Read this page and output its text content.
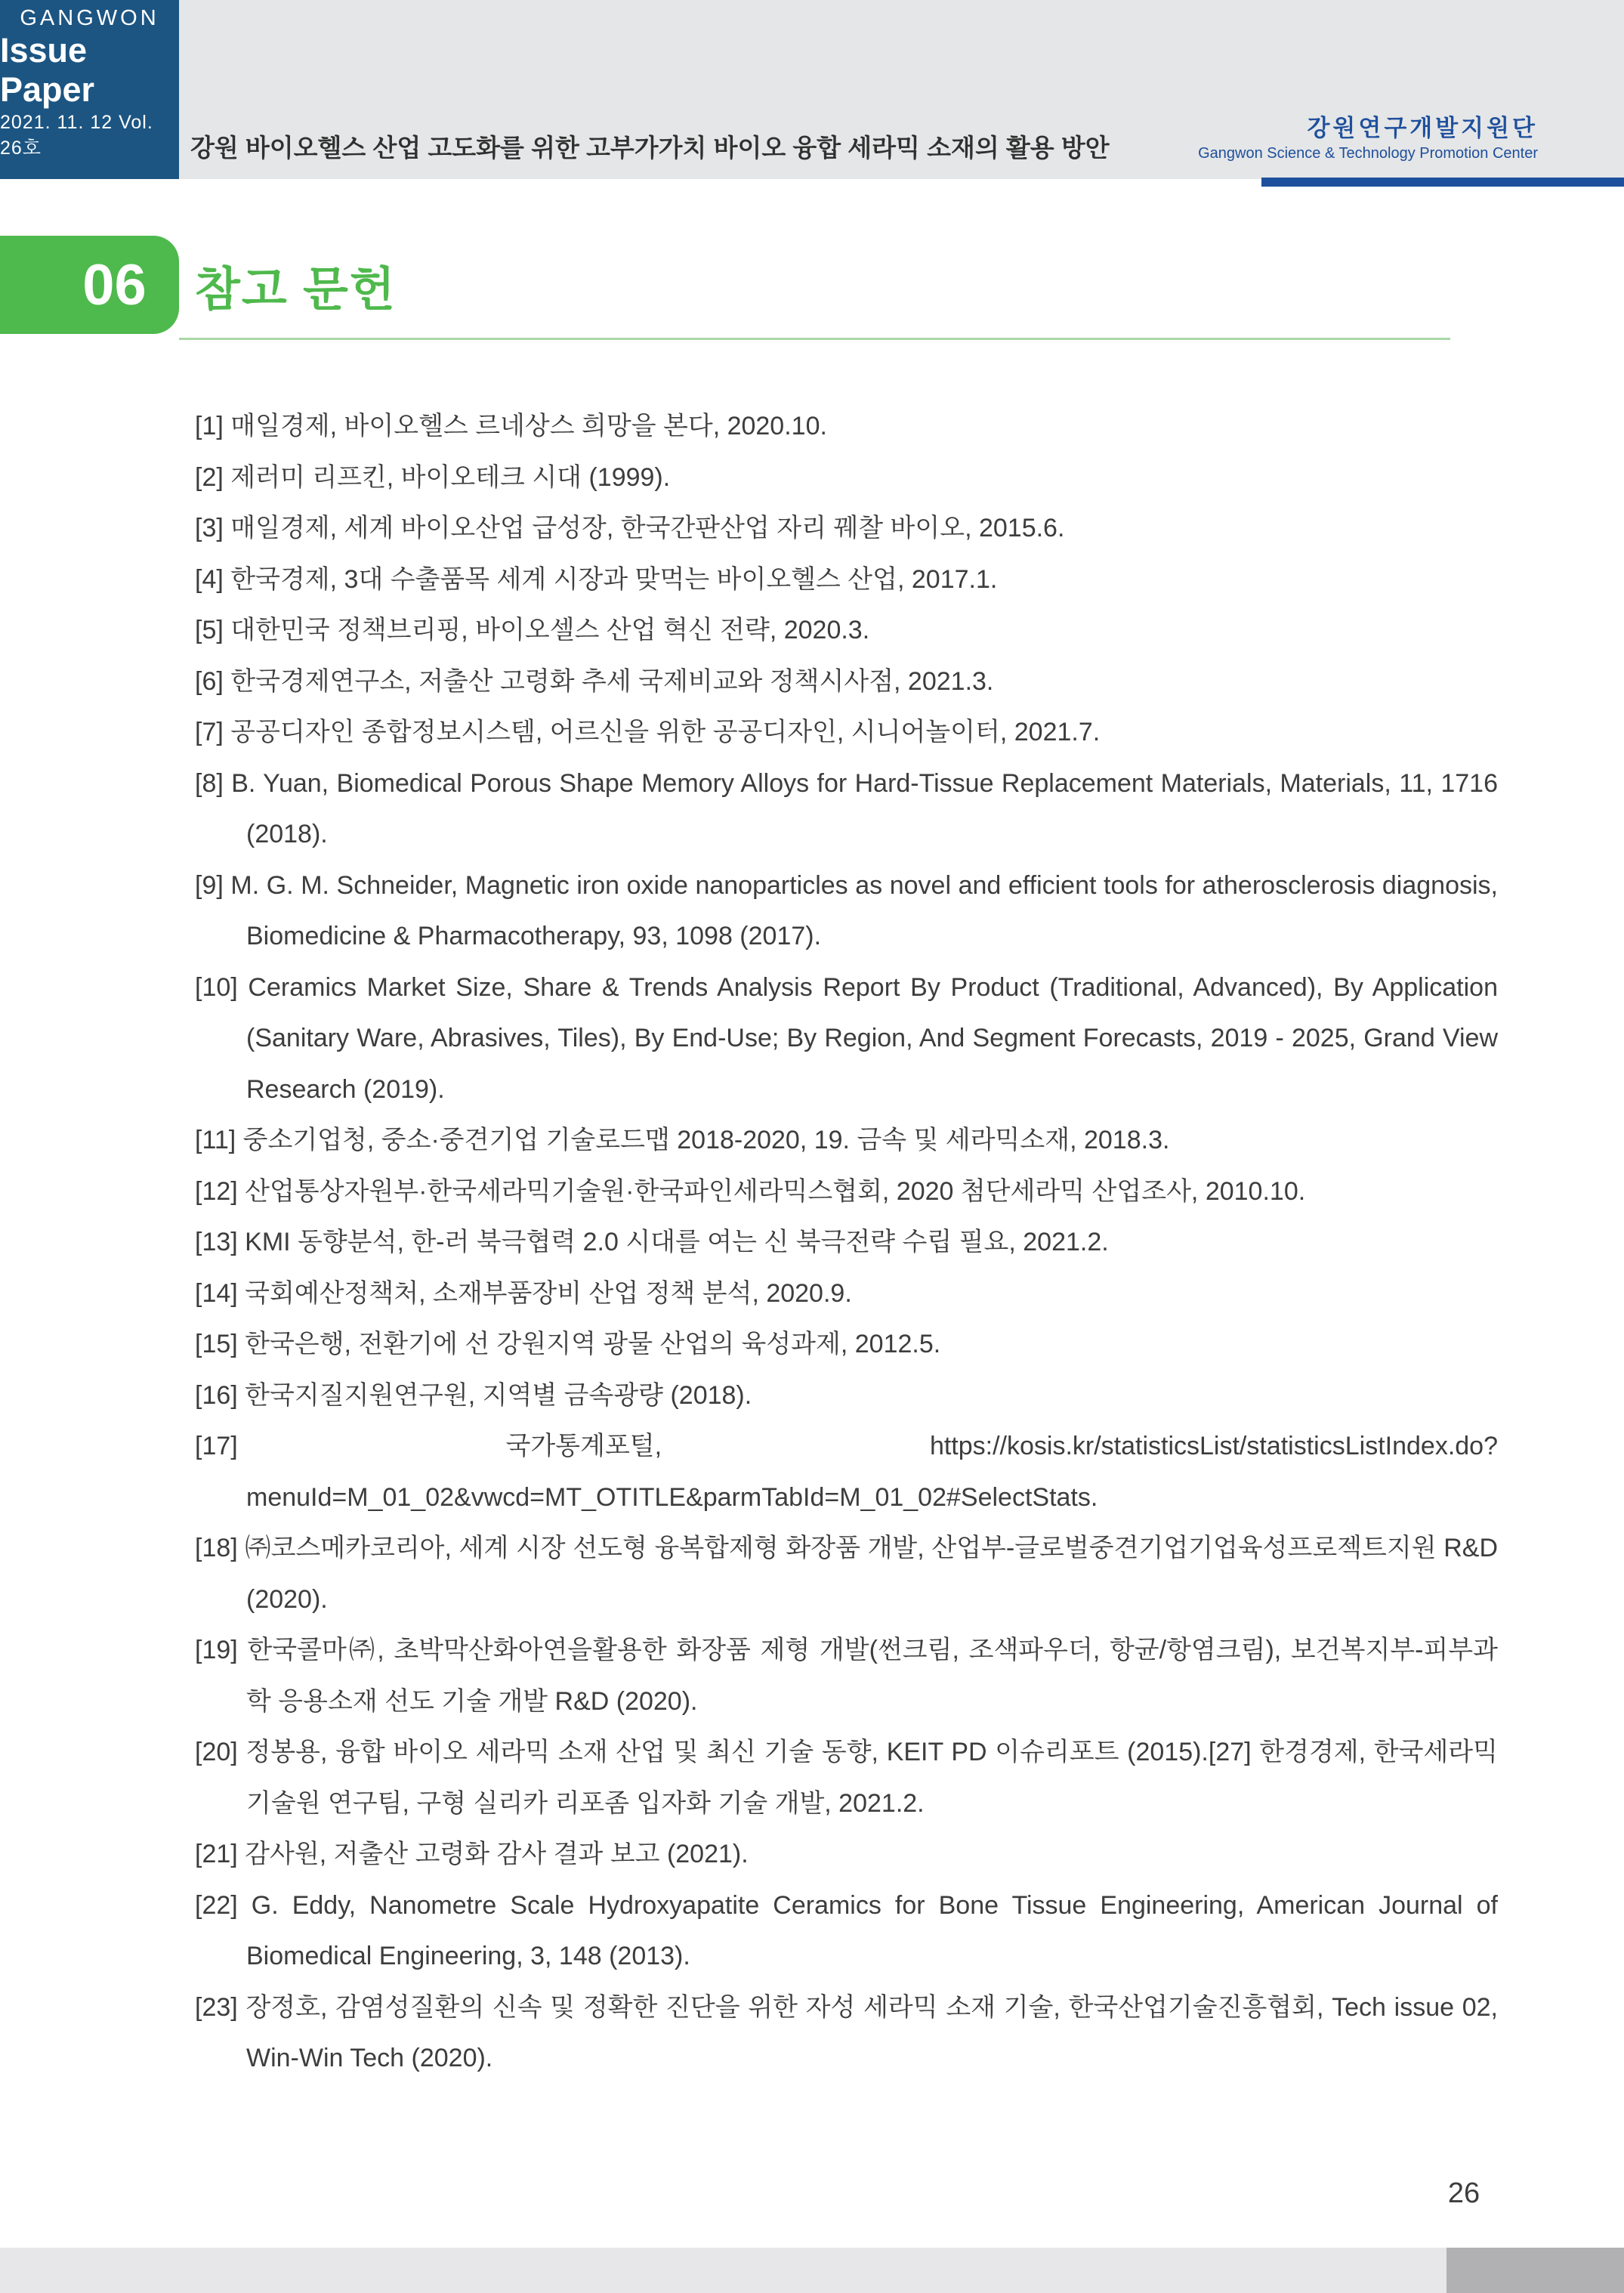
GANGWON
Issue Paper
2021. 11. 12 Vol. 26호	강원 바이오헬스 산업 고도화를 위한 고부가가치 바이오 융합 세라믹 소재의 활용 방안
강원연구개발지원단
Gangwon Science & Technology Promotion Center
06 참고 문헌
[1] 매일경제, 바이오헬스 르네상스 희망을 본다, 2020.10.
[2] 제러미 리프킨, 바이오테크 시대 (1999).
[3] 매일경제, 세계 바이오산업 급성장, 한국간판산업 자리 꿰찰 바이오, 2015.6.
[4] 한국경제, 3대 수출품목 세계 시장과 맞먹는 바이오헬스 산업, 2017.1.
[5] 대한민국 정책브리핑, 바이오셀스 산업 혁신 전략, 2020.3.
[6] 한국경제연구소, 저출산 고령화 추세 국제비교와 정책시사점, 2021.3.
[7] 공공디자인 종합정보시스템, 어르신을 위한 공공디자인, 시니어놀이터, 2021.7.
[8] B. Yuan, Biomedical Porous Shape Memory Alloys for Hard-Tissue Replacement Materials, Materials, 11, 1716 (2018).
[9] M. G. M. Schneider, Magnetic iron oxide nanoparticles as novel and efficient tools for atherosclerosis diagnosis, Biomedicine & Pharmacotherapy, 93, 1098 (2017).
[10] Ceramics Market Size, Share & Trends Analysis Report By Product (Traditional, Advanced), By Application (Sanitary Ware, Abrasives, Tiles), By End-Use; By Region, And Segment Forecasts, 2019 - 2025, Grand View Research (2019).
[11] 중소기업청, 중소·중견기업 기술로드맵 2018-2020, 19. 금속 및 세라믹소재, 2018.3.
[12] 산업통상자원부·한국세라믹기술원·한국파인세라믹스협회, 2020 첨단세라믹 산업조사, 2010.10.
[13] KMI 동향분석, 한-러 북극협력 2.0 시대를 여는 신 북극전략 수립 필요, 2021.2.
[14] 국회예산정책처, 소재부품장비 산업 정책 분석, 2020.9.
[15] 한국은행, 전환기에 선 강원지역 광물 산업의 육성과제, 2012.5.
[16] 한국지질지원연구원, 지역별 금속광량 (2018).
[17]	국가통계포털, https://kosis.kr/statisticsList/statisticsListIndex.do?menuId=M_01_02&vwcd=MT_OTITLE&parmTabId=M_01_02#SelectStats.
[18] ㈜코스메카코리아, 세계 시장 선도형 융복합제형 화장품 개발, 산업부-글로벌중견기업기업육성프로젝트지원 R&D (2020).
[19] 한국콜마㈜, 초박막산화아연을활용한 화장품 제형 개발(썬크림, 조색파우더, 항균/항염크림), 보건복지부-피부과학 응용소재 선도 기술 개발 R&D (2020).
[20] 정봉용, 융합 바이오 세라믹 소재 산업 및 최신 기술 동향, KEIT PD 이슈리포트 (2015).[27] 한경경제, 한국세라믹기술원 연구팀, 구형 실리카 리포좀 입자화 기술 개발, 2021.2.
[21] 감사원, 저출산 고령화 감사 결과 보고 (2021).
[22] G. Eddy, Nanometre Scale Hydroxyapatite Ceramics for Bone Tissue Engineering, American Journal of Biomedical Engineering, 3, 148 (2013).
[23] 장정호, 감염성질환의 신속 및 정확한 진단을 위한 자성 세라믹 소재 기술, 한국산업기술진흥협회, Tech issue 02, Win-Win Tech (2020).
26
